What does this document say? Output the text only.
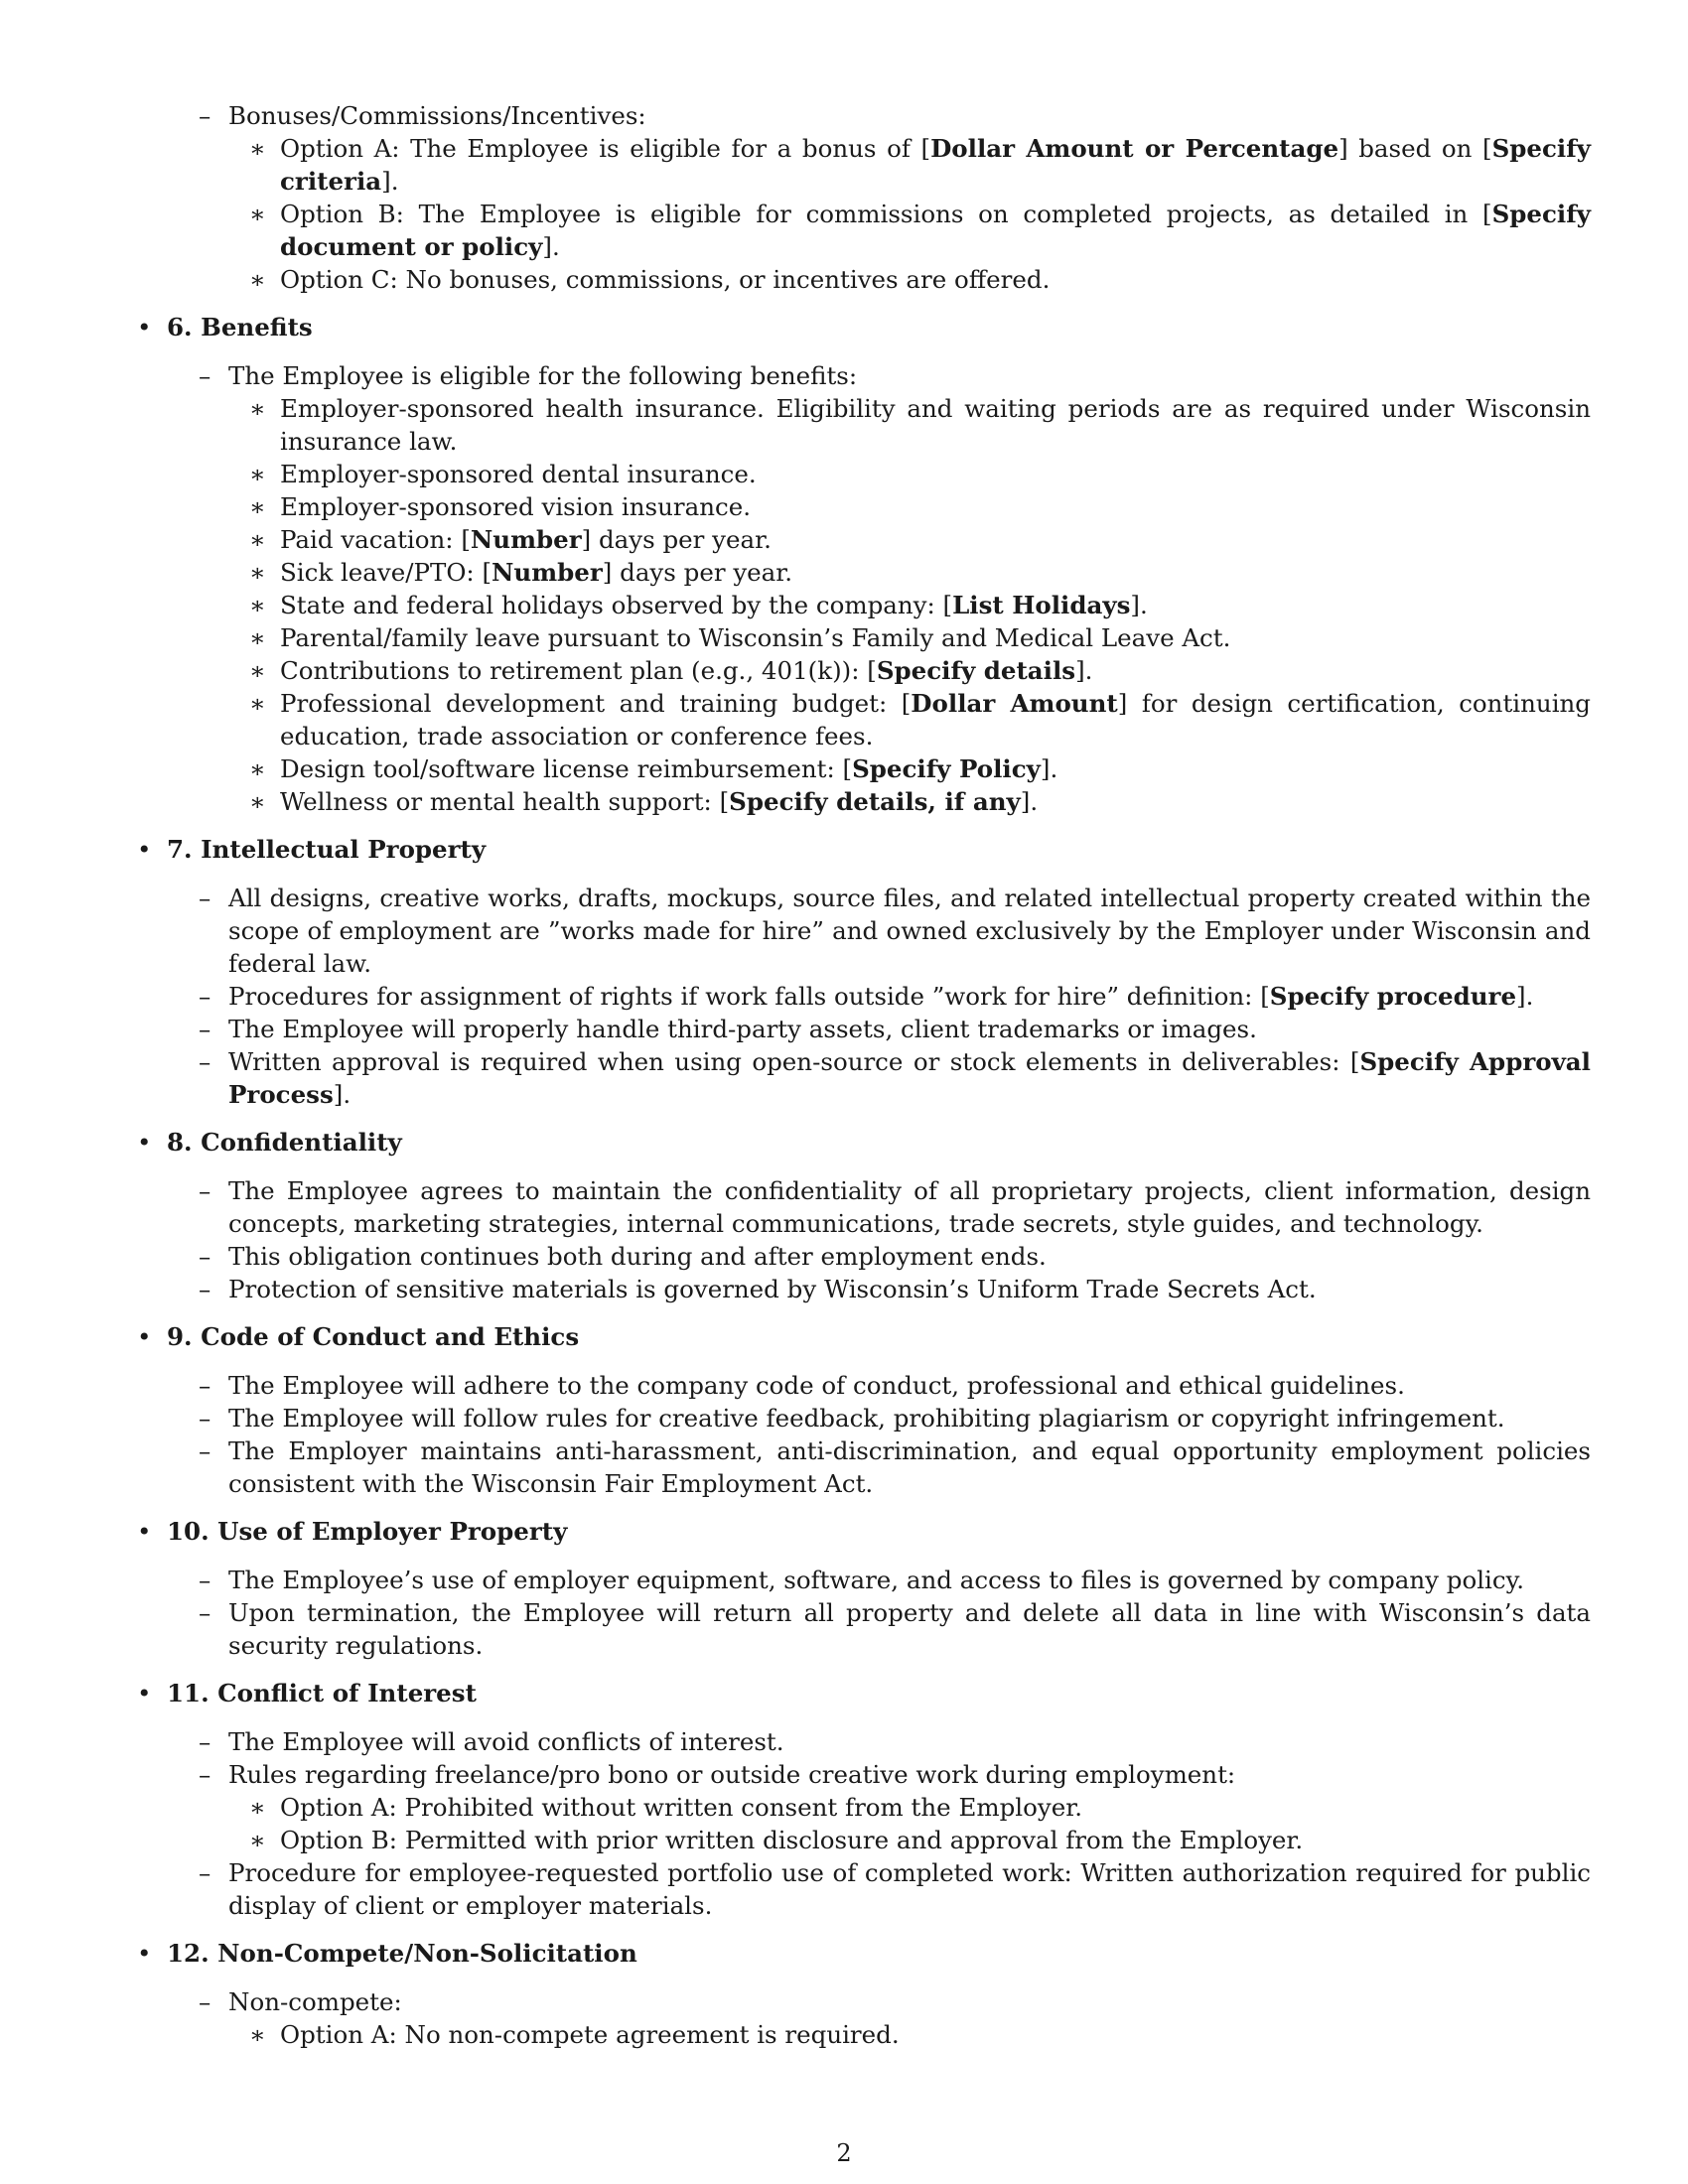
– Bonuses/Commissions/Incentives:

∗ Option A: The Employee is eligible for a bonus of [Dollar Amount or Percentage] based on [Specify criteria].

∗ Option B: The Employee is eligible for commissions on completed projects, as detailed in [Specify document or policy].

∗ Option C: No bonuses, commissions, or incentives are offered.

• 6. Benefits
– The Employee is eligible for the following benefits:

∗ Employer-sponsored health insurance. Eligibility and waiting periods are as required under Wisconsin insurance law.

∗ Employer-sponsored dental insurance.

∗ Employer-sponsored vision insurance.

∗ Paid vacation: [Number] days per year.

∗ Sick leave/PTO: [Number] days per year.

∗ State and federal holidays observed by the company: [List Holidays].

∗ Parental/family leave pursuant to Wisconsin’s Family and Medical Leave Act.

∗ Contributions to retirement plan (e.g., 401(k)): [Specify details].

∗ Professional development and training budget: [Dollar Amount] for design certification, continuing education, trade association or conference fees.

∗ Design tool/software license reimbursement: [Specify Policy].

∗ Wellness or mental health support: [Specify details, if any].

• 7. Intellectual Property
– All designs, creative works, drafts, mockups, source files, and related intellectual property created within the scope of employment are ”works made for hire” and owned exclusively by the Employer under Wisconsin and federal law.

– Procedures for assignment of rights if work falls outside ”work for hire” definition: [Specify procedure].

– The Employee will properly handle third-party assets, client trademarks or images.

– Written approval is required when using open-source or stock elements in deliverables: [Specify Approval Process].

• 8. Confidentiality
– The Employee agrees to maintain the confidentiality of all proprietary projects, client information, design concepts, marketing strategies, internal communications, trade secrets, style guides, and technology.

– This obligation continues both during and after employment ends.

– Protection of sensitive materials is governed by Wisconsin’s Uniform Trade Secrets Act.

• 9. Code of Conduct and Ethics
– The Employee will adhere to the company code of conduct, professional and ethical guidelines.

– The Employee will follow rules for creative feedback, prohibiting plagiarism or copyright infringement.

– The Employer maintains anti-harassment, anti-discrimination, and equal opportunity employment policies consistent with the Wisconsin Fair Employment Act.

• 10. Use of Employer Property
– The Employee’s use of employer equipment, software, and access to files is governed by company policy.

– Upon termination, the Employee will return all property and delete all data in line with Wisconsin’s data security regulations.

• 11. Conflict of Interest
– The Employee will avoid conflicts of interest.

– Rules regarding freelance/pro bono or outside creative work during employment:

∗ Option A: Prohibited without written consent from the Employer.

∗ Option B: Permitted with prior written disclosure and approval from the Employer.

– Procedure for employee-requested portfolio use of completed work: Written authorization required for public display of client or employer materials.

• 12. Non-Compete/Non-Solicitation
– Non-compete:

∗ Option A: No non-compete agreement is required.

2
